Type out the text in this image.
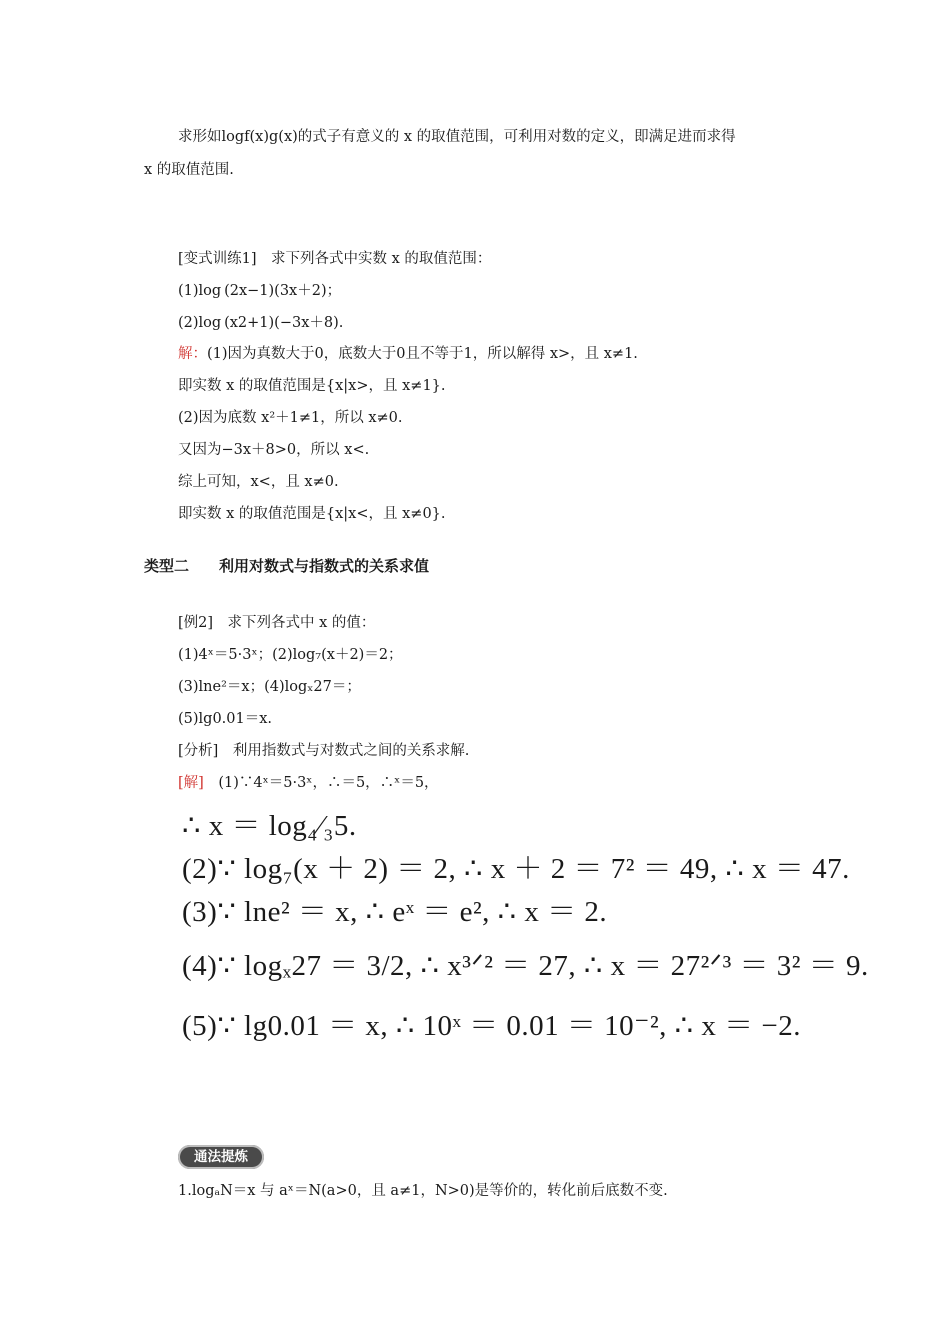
求形如logf(x)g(x)的式子有意义的 x 的取值范围，可利用对数的定义，即满足进而求得
x 的取值范围.
[变式训练1]　求下列各式中实数 x 的取值范围：
(1)log (2x−1)(3x＋2)；
(2)log (x2+1)(−3x＋8).
解：(1)因为真数大于0，底数大于0且不等于1，所以解得 x>，且 x≠1.
即实数 x 的取值范围是{x|x>，且 x≠1}.
(2)因为底数 x²＋1≠1，所以 x≠0.
又因为−3x＋8>0，所以 x<.
综上可知，x<，且 x≠0.
即实数 x 的取值范围是{x|x<，且 x≠0}.
类型二　　利用对数式与指数式的关系求值
[例2]　求下列各式中 x 的值：
(1)4ˣ＝5·3ˣ；(2)log₇(x＋2)＝2；
(3)lne²＝x；(4)logₓ27＝；
(5)lg0.01＝x.
[分析]　利用指数式与对数式之间的关系求解.
[解]　(1)∵4ˣ＝5·3ˣ，∴＝5，∴ˣ＝5，
∴ x ＝ log₄⁄₃5.
(2)∵ log₇(x ＋ 2) ＝ 2, ∴ x ＋ 2 ＝ 7² ＝ 49, ∴ x ＝ 47.
(3)∵ lne² ＝ x, ∴ eˣ ＝ e², ∴ x ＝ 2.
(4)∵ logₓ27 ＝ 3/2, ∴ x³ᐟ² ＝ 27, ∴ x ＝ 27²ᐟ³ ＝ 3² ＝ 9.
(5)∵ lg0.01 ＝ x, ∴ 10ˣ ＝ 0.01 ＝ 10⁻², ∴ x ＝ −2.
通法提炼
1.logₐN＝x 与 aˣ＝N(a>0，且 a≠1，N>0)是等价的，转化前后底数不变.
